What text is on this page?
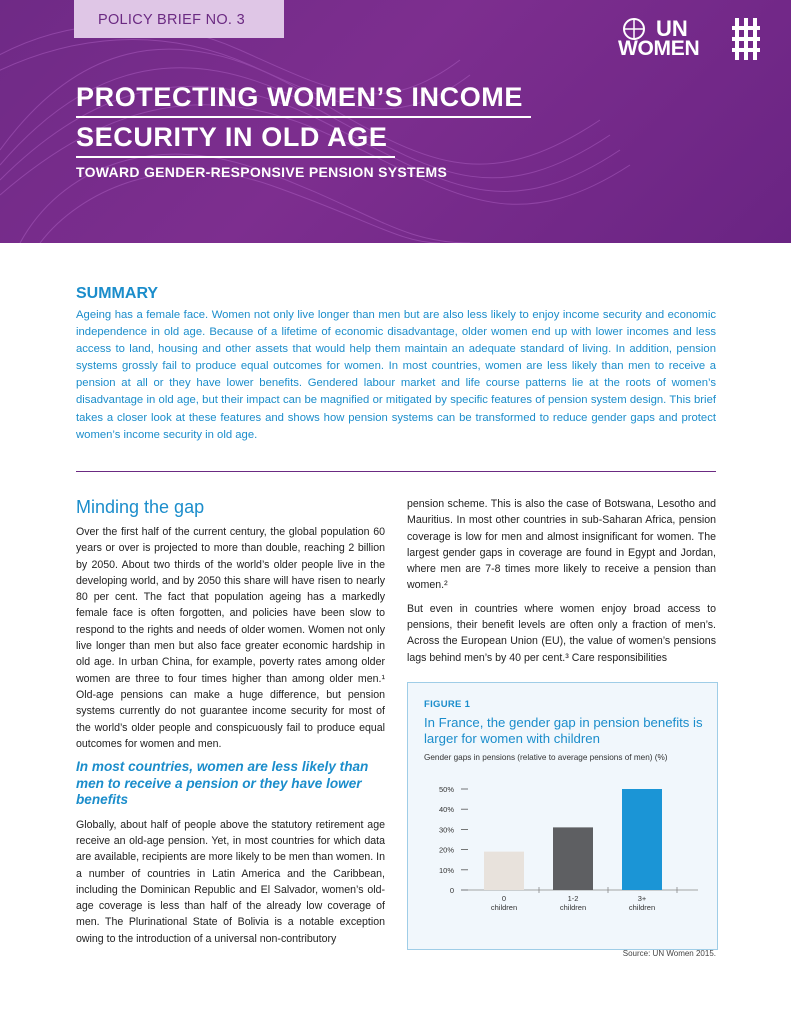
POLICY BRIEF NO. 3	UN
WOMEN
PROTECTING WOMEN’S INCOME
SECURITY IN OLD AGE
TOWARD GENDER-RESPONSIVE PENSION SYSTEMS
SUMMARY
Ageing has a female face. Women not only live longer than men but are also less likely to enjoy income security and economic independence in old age. Because of a lifetime of economic disadvantage, older women end up with lower incomes and less access to land, housing and other assets that would help them maintain an adequate standard of living. In addition, pension systems grossly fail to produce equal outcomes for women. In most countries, women are less likely than men to receive a pension at all or they have lower benefits. Gendered labour market and life course patterns lie at the roots of women’s disadvantage in old age, but their impact can be magnified or mitigated by specific features of pension system design. This brief takes a closer look at these features and shows how pension systems can be transformed to reduce gender gaps and protect women’s income security in old age.
Minding the gap

Over the first half of the current century, the global population 60 years or over is projected to more than double, reaching 2 billion by 2050. About two thirds of the world’s older people live in the developing world, and by 2050 this share will have risen to nearly 80 per cent. The fact that population ageing has a markedly female face is often forgotten, and policies have been slow to respond to the rights and needs of older women. Women not only live longer than men but also face greater economic hardship in old age. In urban China, for example, poverty rates among older women are three to four times higher than among older men.¹ Old-age pensions can make a huge difference, but pension systems currently do not guarantee income security for most of the world’s older people and conspicuously fail to produce equal outcomes for women and men.

In most countries, women are less likely than men to receive a pension or they have lower benefits

Globally, about half of people above the statutory retirement age receive an old-age pension. Yet, in most countries for which data are available, recipients are more likely to be men than women. In a number of countries in Latin America and the Caribbean, including the Dominican Republic and El Salvador, women’s old-age coverage is less than half of the already low coverage of men. The Plurinational State of Bolivia is a notable exception owing to the introduction of a universal non-contributory

pension scheme. This is also the case of Botswana, Lesotho and Mauritius. In most other countries in sub-Saharan Africa, pension coverage is low for men and almost insignificant for women. The largest gender gaps in coverage are found in Egypt and Jordan, where men are 7-8 times more likely to receive a pension than women.²

But even in countries where women enjoy broad access to pensions, their benefit levels are often only a fraction of men’s. Across the European Union (EU), the value of women’s pensions lags behind men’s by 40 per cent.³ Care responsibilities

FIGURE 1
In France, the gender gap in pension benefits is larger for women with children
Gender gaps in pensions (relative to average pensions of men) (%)
0
10%
20%
30%
40%
50%
0
children
1-2
children
3+
children
Source: UN Women 2015.
